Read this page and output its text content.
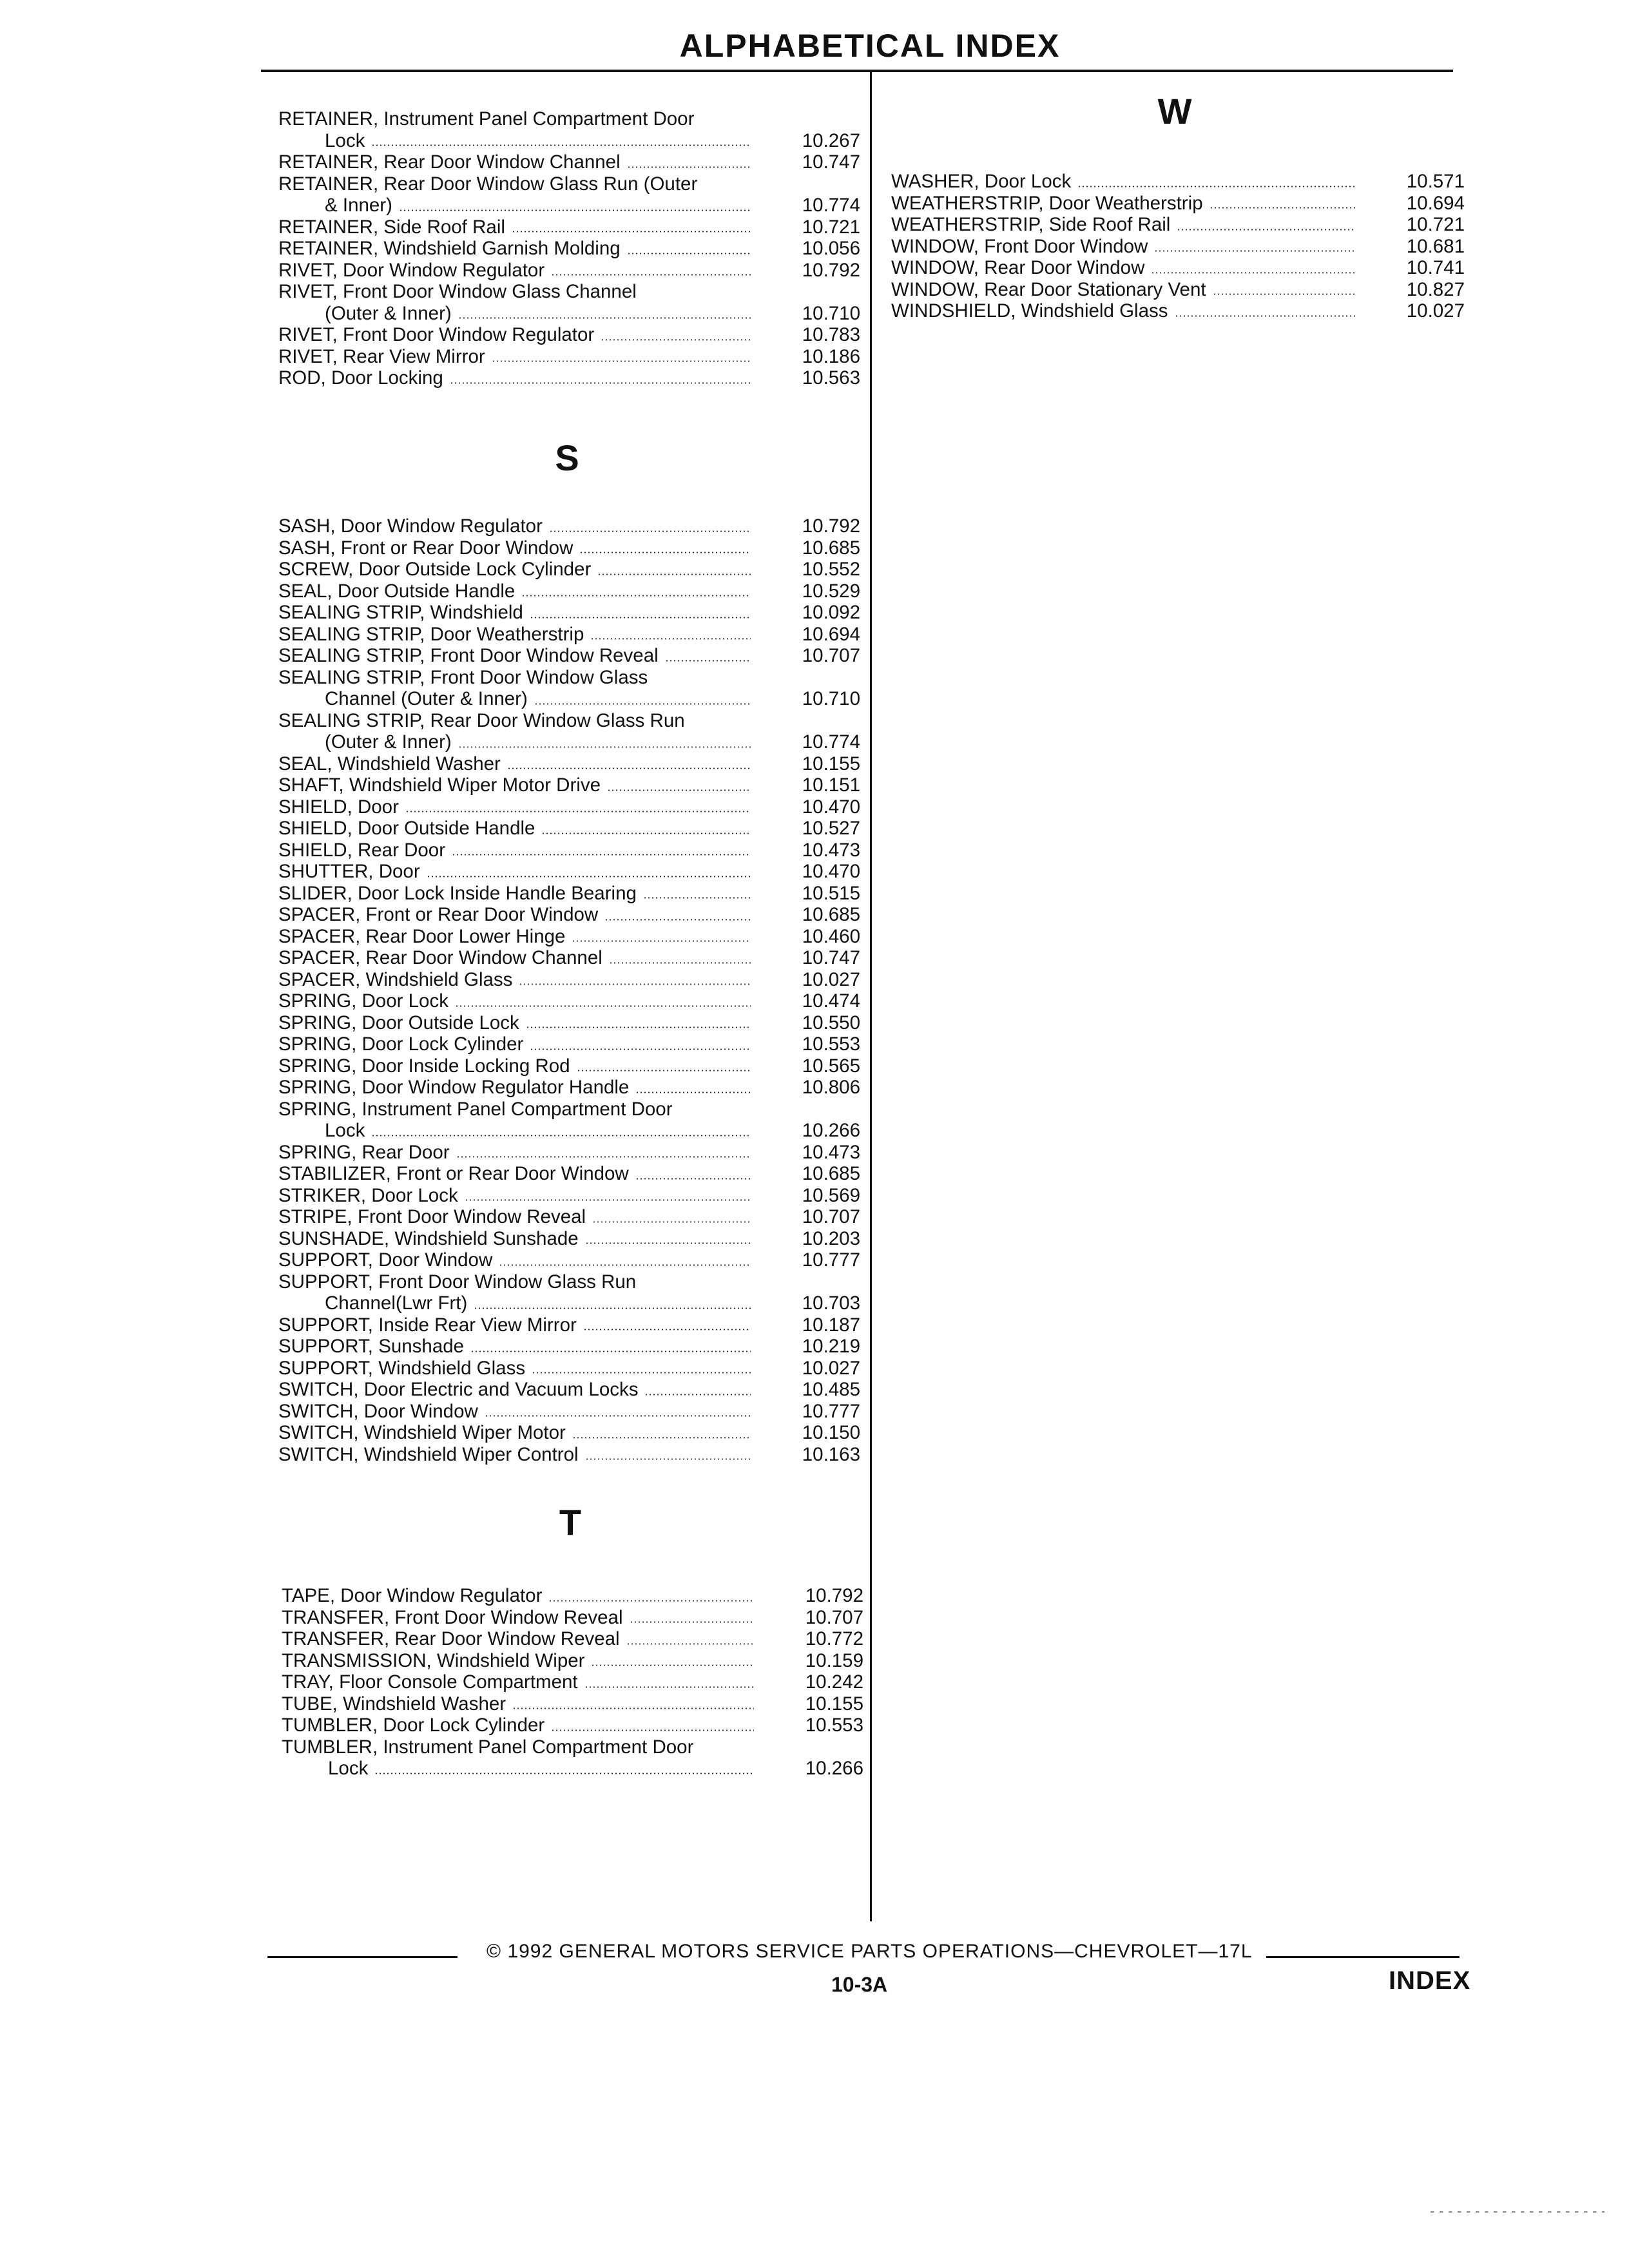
ALPHABETICAL INDEX
RETAINER, Instrument Panel Compartment Door
Lock	10.267
RETAINER, Rear Door Window Channel	10.747
RETAINER, Rear Door Window Glass Run (Outer
& Inner)	10.774
RETAINER, Side Roof Rail	10.721
RETAINER, Windshield Garnish Molding	10.056
RIVET, Door Window Regulator	10.792
RIVET, Front Door Window Glass Channel
(Outer & Inner)	10.710
RIVET, Front Door Window Regulator	10.783
RIVET, Rear View Mirror	10.186
ROD, Door Locking	10.563
S
SASH, Door Window Regulator	10.792
SASH, Front or Rear Door Window	10.685
SCREW, Door Outside Lock Cylinder	10.552
SEAL, Door Outside Handle	10.529
SEALING STRIP, Windshield	10.092
SEALING STRIP, Door Weatherstrip	10.694
SEALING STRIP, Front Door Window Reveal	10.707
SEALING STRIP, Front Door Window Glass
Channel (Outer & Inner)	10.710
SEALING STRIP, Rear Door Window Glass Run
(Outer & Inner)	10.774
SEAL, Windshield Washer	10.155
SHAFT, Windshield Wiper Motor Drive	10.151
SHIELD, Door	10.470
SHIELD, Door Outside Handle	10.527
SHIELD, Rear Door	10.473
SHUTTER, Door	10.470
SLIDER, Door Lock Inside Handle Bearing	10.515
SPACER, Front or Rear Door Window	10.685
SPACER, Rear Door Lower Hinge	10.460
SPACER, Rear Door Window Channel	10.747
SPACER, Windshield Glass	10.027
SPRING, Door Lock	10.474
SPRING, Door Outside Lock	10.550
SPRING, Door Lock Cylinder	10.553
SPRING, Door Inside Locking Rod	10.565
SPRING, Door Window Regulator Handle	10.806
SPRING, Instrument Panel Compartment Door
Lock	10.266
SPRING, Rear Door	10.473
STABILIZER, Front or Rear Door Window	10.685
STRIKER, Door Lock	10.569
STRIPE, Front Door Window Reveal	10.707
SUNSHADE, Windshield Sunshade	10.203
SUPPORT, Door Window	10.777
SUPPORT, Front Door Window Glass Run
Channel(Lwr Frt)	10.703
SUPPORT, Inside Rear View Mirror	10.187
SUPPORT, Sunshade	10.219
SUPPORT, Windshield Glass	10.027
SWITCH, Door Electric and Vacuum Locks	10.485
SWITCH, Door Window	10.777
SWITCH, Windshield Wiper Motor	10.150
SWITCH, Windshield Wiper Control	10.163
T
TAPE, Door Window Regulator	10.792
TRANSFER, Front Door Window Reveal	10.707
TRANSFER, Rear Door Window Reveal	10.772
TRANSMISSION, Windshield Wiper	10.159
TRAY, Floor Console Compartment	10.242
TUBE, Windshield Washer	10.155
TUMBLER, Door Lock Cylinder	10.553
TUMBLER, Instrument Panel Compartment Door
Lock	10.266
W
WASHER, Door Lock	10.571
WEATHERSTRIP, Door Weatherstrip	10.694
WEATHERSTRIP, Side Roof Rail	10.721
WINDOW, Front Door Window	10.681
WINDOW, Rear Door Window	10.741
WINDOW, Rear Door Stationary Vent	10.827
WINDSHIELD, Windshield Glass	10.027
© 1992 GENERAL MOTORS SERVICE PARTS OPERATIONS—CHEVROLET—17L
10-3A	INDEX
